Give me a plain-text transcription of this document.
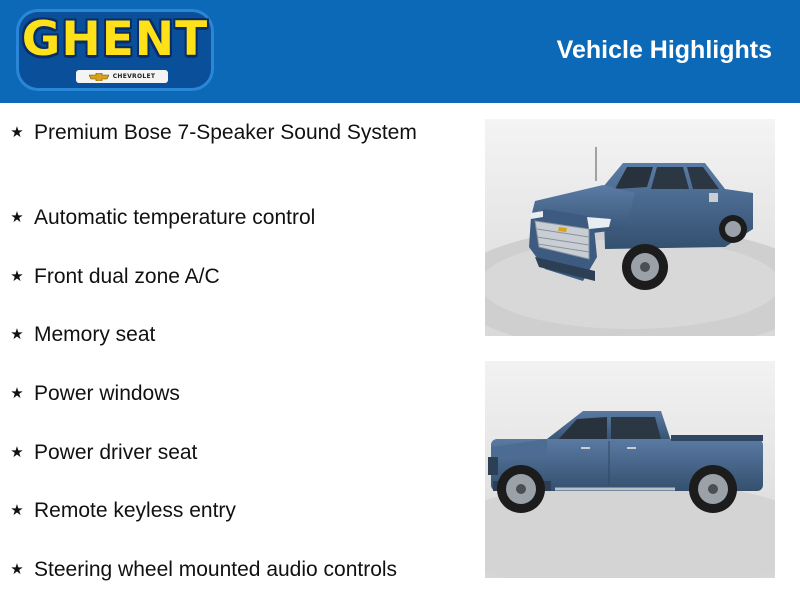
GHENT
CHEVROLET
Vehicle Highlights
★ Premium Bose 7-Speaker Sound System
★ Automatic temperature control
★ Front dual zone A/C
★ Memory seat
★ Power windows
★ Power driver seat
★ Remote keyless entry
★ Steering wheel mounted audio controls
